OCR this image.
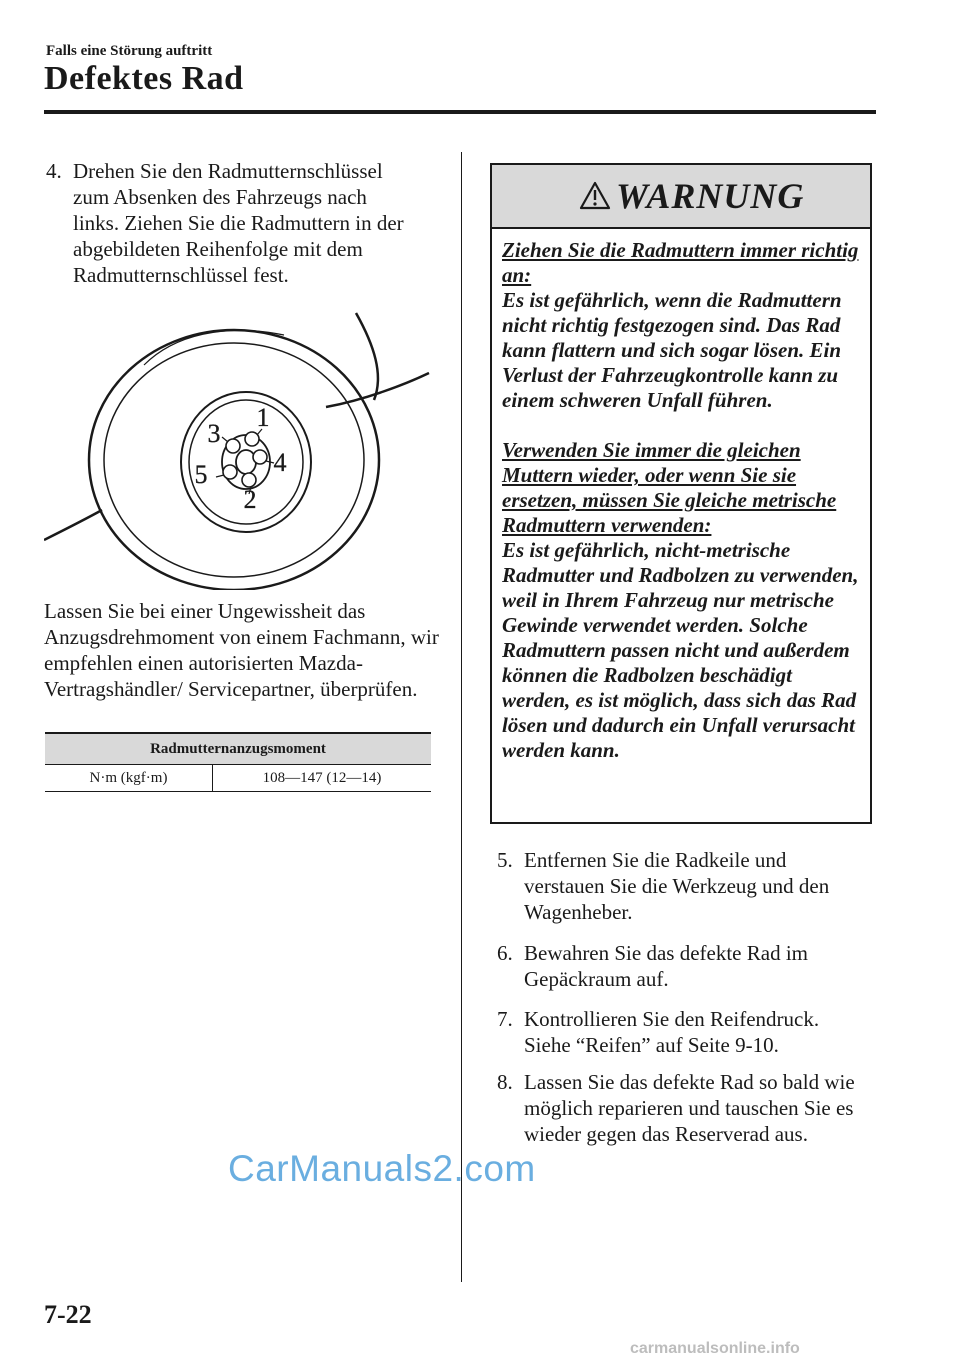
Falls eine Störung auftritt
Defektes Rad
4. Drehen Sie den Radmutternschlüssel
zum Absenken des Fahrzeugs nach
links. Ziehen Sie die Radmuttern in der
abgebildeten Reihenfolge mit dem
Radmutternschlüssel fest.
1
2
3
4
5
Lassen Sie bei einer Ungewissheit das Anzugsdrehmoment von einem Fachmann, wir empfehlen einen autorisierten Mazda-Vertragshändler/ Servicepartner, überprüfen.
Radmutternanzugsmoment
N·m (kgf·m)	108―147 (12―14)
WARNUNG
Ziehen Sie die Radmuttern immer richtig an:
Es ist gefährlich, wenn die Radmuttern nicht richtig festgezogen sind. Das Rad kann flattern und sich sogar lösen. Ein Verlust der Fahrzeugkontrolle kann zu einem schweren Unfall führen.
Verwenden Sie immer die gleichen Muttern wieder, oder wenn Sie sie ersetzen, müssen Sie gleiche metrische Radmuttern verwenden:
Es ist gefährlich, nicht-metrische Radmutter und Radbolzen zu verwenden, weil in Ihrem Fahrzeug nur metrische Gewinde verwendet werden. Solche Radmuttern passen nicht und außerdem können die Radbolzen beschädigt werden, es ist möglich, dass sich das Rad lösen und dadurch ein Unfall verursacht werden kann.
5. Entfernen Sie die Radkeile und
verstauen Sie die Werkzeug und den
Wagenheber.
6. Bewahren Sie das defekte Rad im
Gepäckraum auf.
7. Kontrollieren Sie den Reifendruck.
Siehe “Reifen” auf Seite 9-10.
8. Lassen Sie das defekte Rad so bald wie
möglich reparieren und tauschen Sie es
wieder gegen das Reserverad aus.
CarManuals2.com
7-22
carmanualsonline.info
